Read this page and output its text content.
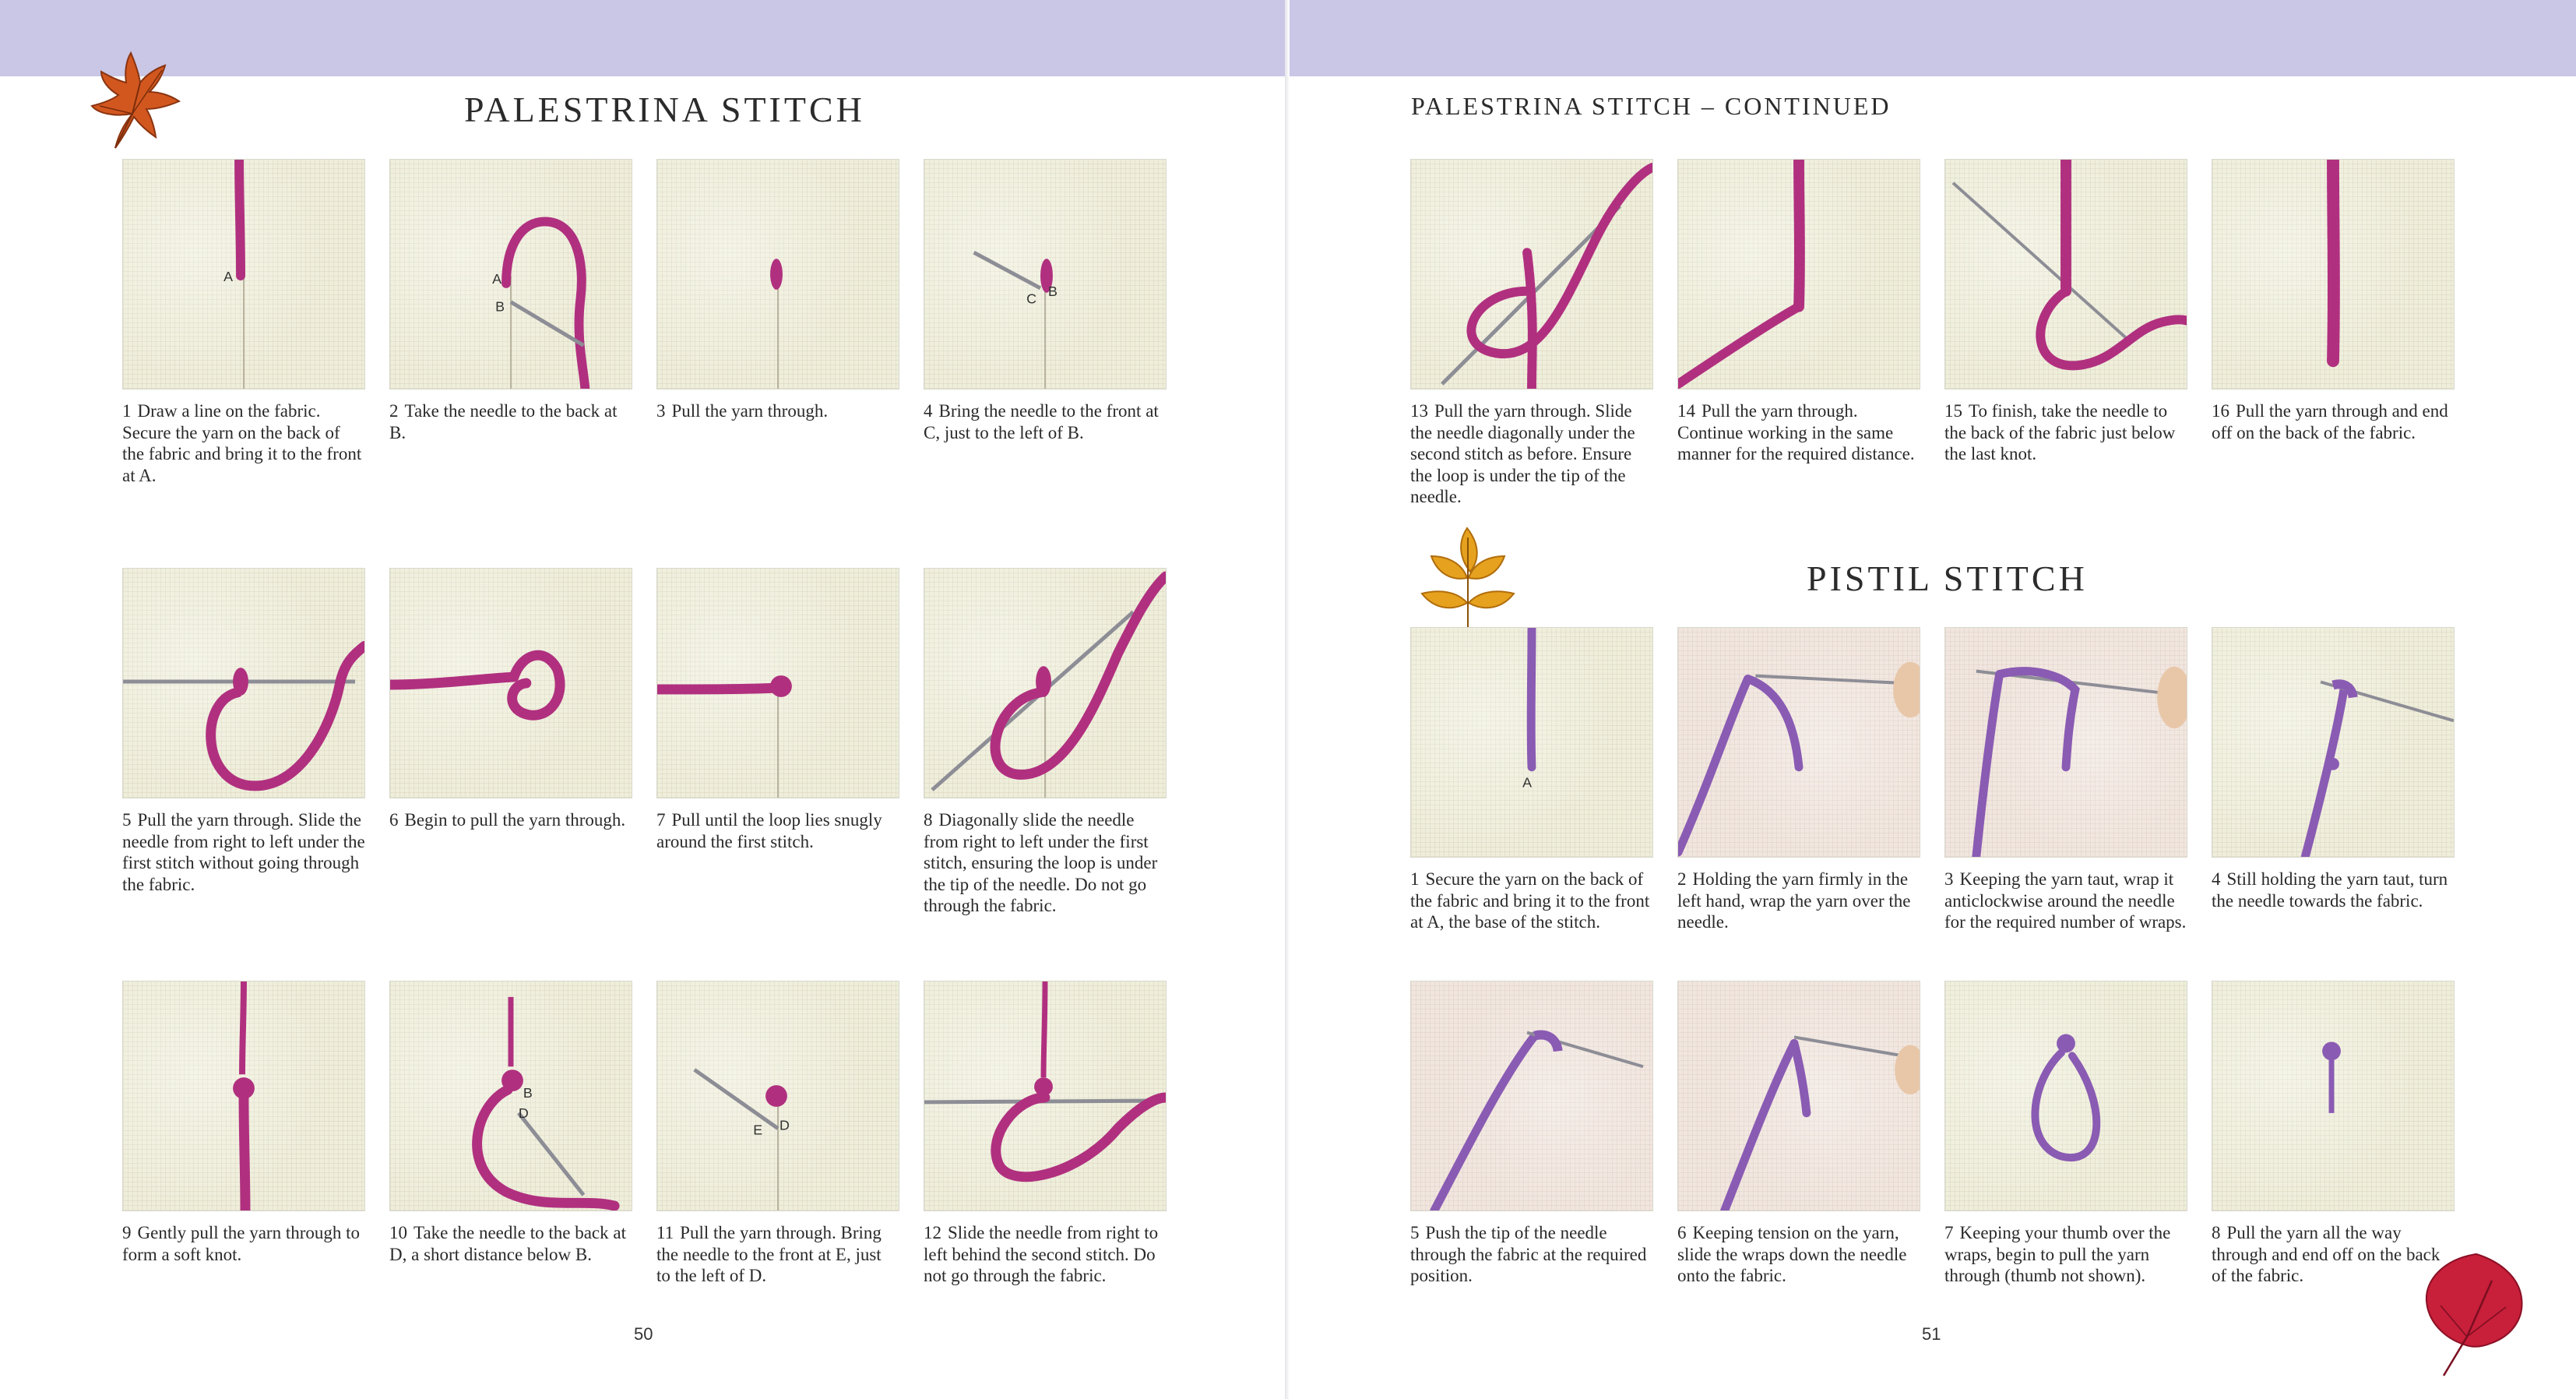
PALESTRINA STITCH	PALESTRINA STITCH – CONTINUED
PISTIL STITCH
A
1 Draw a line on the fabric. Secure the yarn on the back of the fabric and bring it to the front at A.
A
B
2 Take the needle to the back at B.
3 Pull the yarn through.
C B
4 Bring the needle to the front at C, just to the left of B.
5 Pull the yarn through. Slide the needle from right to left under the first stitch without going through the fabric.
6 Begin to pull the yarn through.	7 Pull until the loop lies snugly around the first stitch.
8 Diagonally slide the needle from right to left under the first stitch, ensuring the loop is under the tip of the needle. Do not go through the fabric.
9 Gently pull the yarn through to form a soft knot.
B
D
10 Take the needle to the back at D, a short distance below B.
E D
11 Pull the yarn through. Bring the needle to the front at E, just to the left of D.
12 Slide the needle from right to left behind the second stitch. Do not go through the fabric.
50
13 Pull the yarn through. Slide the needle diagonally under the second stitch as before. Ensure the loop is under the tip of the needle.
14 Pull the yarn through. Continue working in the same manner for the required distance.
15 To finish, take the needle to the back of the fabric just below the last knot.
16 Pull the yarn through and end off on the back of the fabric.
A
1 Secure the yarn on the back of the fabric and bring it to the front at A, the base of the stitch.
2 Holding the yarn firmly in the left hand, wrap the yarn over the needle.
3 Keeping the yarn taut, wrap it anticlockwise around the needle for the required number of wraps.
4 Still holding the yarn taut, turn the needle towards the fabric.
5 Push the tip of the needle through the fabric at the required position.
6 Keeping tension on the yarn, slide the wraps down the needle onto the fabric.
7 Keeping your thumb over the wraps, begin to pull the yarn through (thumb not shown).
8 Pull the yarn all the way through and end off on the back of the fabric.
51
